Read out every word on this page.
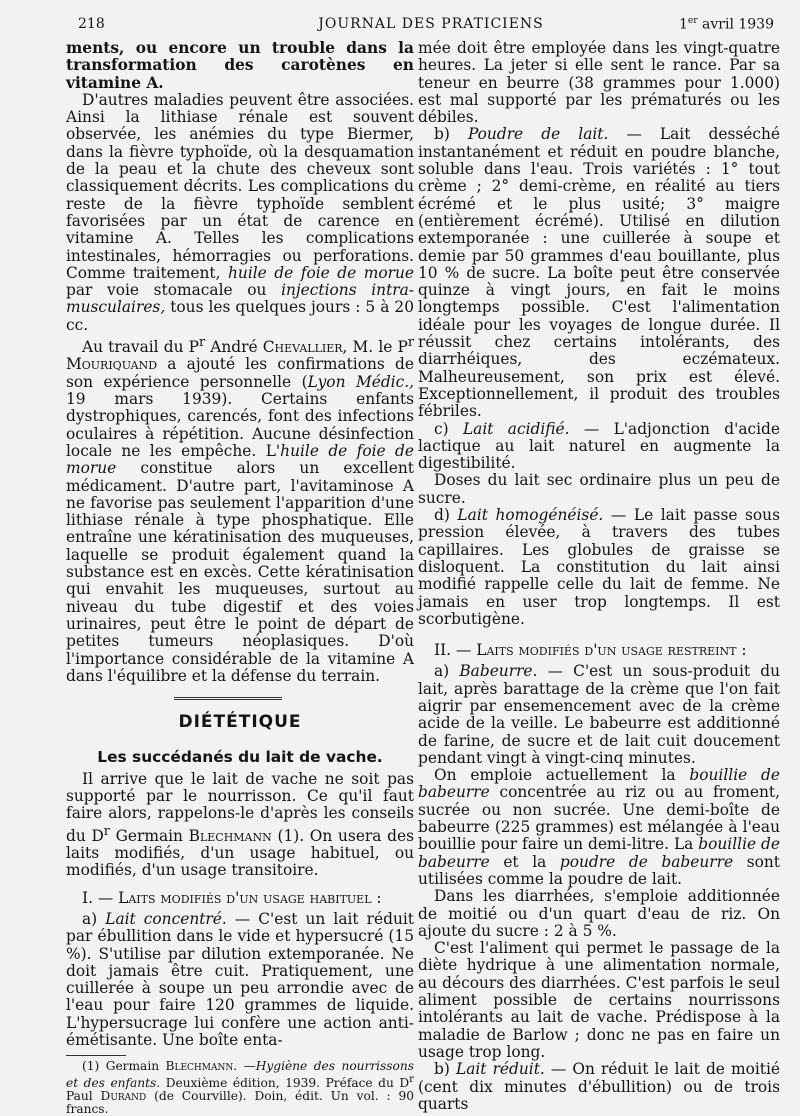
218	JOURNAL DES PRATICIENS	1er avril 1939

ments, ou encore un trouble dans la transformation des carotènes en vitamine A.

D'autres maladies peuvent être associées. Ainsi la lithiase rénale est souvent observée, les anémies du type Biermer, dans la fièvre typhoïde, où la desquamation de la peau et la chute des cheveux sont classiquement décrits. Les complications du reste de la fièvre typhoïde semblent favorisées par un état de carence en vitamine A. Telles les complications intestinales, hémorragies ou perforations. Comme traitement, huile de foie de morue par voie stomacale ou injections intra-musculaires, tous les quelques jours : 5 à 20 cc.

Au travail du $P^r$ André Chevallier, M. le $P^r$ Mouriquand a ajouté les confirmations de son expérience personnelle (Lyon Médic., 19 mars 1939). Certains enfants dystrophiques, carencés, font des infections oculaires à répétition. Aucune désinfection locale ne les empêche. L'huile de foie de morue constitue alors un excellent médicament. D'autre part, l'avitaminose A ne favorise pas seulement l'apparition d'une lithiase rénale à type phosphatique. Elle entraîne une kératinisation des muqueuses, laquelle se produit également quand la substance est en excès. Cette kératinisation qui envahit les muqueuses, surtout au niveau du tube digestif et des voies urinaires, peut être le point de départ de petites tumeurs néoplasiques. D'où l'importance considérable de la vitamine A dans l'équilibre et la défense du terrain.

DIÉTÉTIQUE
Les succédanés du lait de vache.

Il arrive que le lait de vache ne soit pas supporté par le nourrisson. Ce qu'il faut faire alors, rappelons-le d'après les conseils du $D^r$ Germain Blechmann (1). On usera des laits modifiés, d'un usage habituel, ou modifiés, d'un usage transitoire.

I. — Laits modifiés d'un usage habituel :

a) Lait concentré. — C'est un lait réduit par ébullition dans le vide et hypersucré (15 %). S'utilise par dilution extemporanée. Ne doit jamais être cuit. Pratiquement, une cuillerée à soupe un peu arrondie avec de l'eau pour faire 120 grammes de liquide. L'hypersucrage lui confère une action anti-émétisante. Une boîte enta-

(1) Germain Blechmann. —Hygiène des nourrissons et des enfants. Deuxième édition, 1939. Préface du $D^r$ Paul Durand (de Courville). Doin, édit. Un vol. : 90 francs.

mée doit être employée dans les vingt-quatre heures. La jeter si elle sent le rance. Par sa teneur en beurre (38 grammes pour 1.000) est mal supporté par les prématurés ou les débiles.

b) Poudre de lait. — Lait desséché instantanément et réduit en poudre blanche, soluble dans l'eau. Trois variétés : 1° tout crème ; 2° demi-crème, en réalité au tiers écrémé et le plus usité; 3° maigre (entièrement écrémé). Utilisé en dilution extemporanée : une cuillerée à soupe et demie par 50 grammes d'eau bouillante, plus 10 % de sucre. La boîte peut être conservée quinze à vingt jours, en fait le moins longtemps possible. C'est l'alimentation idéale pour les voyages de longue durée. Il réussit chez certains intolérants, des diarrhéiques, des eczémateux. Malheureusement, son prix est élevé. Exceptionnellement, il produit des troubles fébriles.

c) Lait acidifié. — L'adjonction d'acide lactique au lait naturel en augmente la digestibilité.

Doses du lait sec ordinaire plus un peu de sucre.

d) Lait homogénéisé. — Le lait passe sous pression élevée, à travers des tubes capillaires. Les globules de graisse se disloquent. La constitution du lait ainsi modifié rappelle celle du lait de femme. Ne jamais en user trop longtemps. Il est scorbutigène.

II. — Laits modifiés d'un usage restreint :

a) Babeurre. — C'est un sous-produit du lait, après barattage de la crème que l'on fait aigrir par ensemencement avec de la crème acide de la veille. Le babeurre est additionné de farine, de sucre et de lait cuit doucement pendant vingt à vingt-cinq minutes.

On emploie actuellement la bouillie de babeurre concentrée au riz ou au froment, sucrée ou non sucrée. Une demi-boîte de babeurre (225 grammes) est mélangée à l'eau bouillie pour faire un demi-litre. La bouillie de babeurre et la poudre de babeurre sont utilisées comme la poudre de lait.

Dans les diarrhées, s'emploie additionnée de moitié ou d'un quart d'eau de riz. On ajoute du sucre : 2 à 5 %.

C'est l'aliment qui permet le passage de la diète hydrique à une alimentation normale, au décours des diarrhées. C'est parfois le seul aliment possible de certains nourrissons intolérants au lait de vache. Prédispose à la maladie de Barlow ; donc ne pas en faire un usage trop long.

b) Lait réduit. — On réduit le lait de moitié (cent dix minutes d'ébullition) ou de trois quarts
